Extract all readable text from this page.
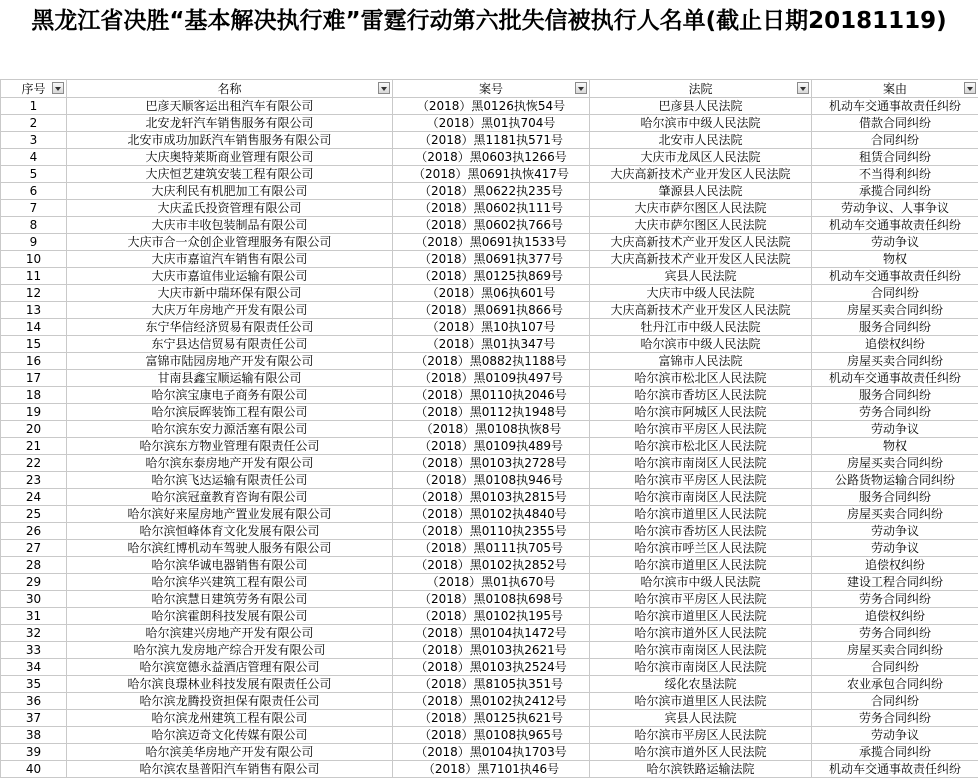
黑龙江省决胜“基本解决执行难”雷霆行动第六批失信被执行人名单(截止日期20181119)
序号	名称	案号	法院	案由

1	巴彦天顺客运出租汽车有限公司	（2018）黑0126执恢54号	巴彦县人民法院	机动车交通事故责任纠纷
2	北安龙轩汽车销售服务有限公司	（2018）黑01执704号	哈尔滨市中级人民法院	借款合同纠纷
3	北安市成功加跃汽车销售服务有限公司	（2018）黑1181执571号	北安市人民法院	合同纠纷
4	大庆奥特莱斯商业管理有限公司	（2018）黑0603执1266号	大庆市龙凤区人民法院	租赁合同纠纷
5	大庆恒艺建筑安装工程有限公司	（2018）黑0691执恢417号	大庆高新技术产业开发区人民法院	不当得利纠纷
6	大庆利民有机肥加工有限公司	（2018）黑0622执235号	肇源县人民法院	承揽合同纠纷
7	大庆孟氏投资管理有限公司	（2018）黑0602执111号	大庆市萨尔图区人民法院	劳动争议、人事争议
8	大庆市丰收包装制品有限公司	（2018）黑0602执766号	大庆市萨尔图区人民法院	机动车交通事故责任纠纷
9	大庆市合一众创企业管理服务有限公司	（2018）黑0691执1533号	大庆高新技术产业开发区人民法院	劳动争议
10	大庆市嘉谊汽车销售有限公司	（2018）黑0691执377号	大庆高新技术产业开发区人民法院	物权
11	大庆市嘉谊伟业运输有限公司	（2018）黑0125执869号	宾县人民法院	机动车交通事故责任纠纷
12	大庆市新中瑞环保有限公司	（2018）黑06执601号	大庆市中级人民法院	合同纠纷
13	大庆万年房地产开发有限公司	（2018）黑0691执866号	大庆高新技术产业开发区人民法院	房屋买卖合同纠纷
14	东宁华信经济贸易有限责任公司	（2018）黑10执107号	牡丹江市中级人民法院	服务合同纠纷
15	东宁县达信贸易有限责任公司	（2018）黑01执347号	哈尔滨市中级人民法院	追偿权纠纷
16	富锦市陆园房地产开发有限公司	（2018）黑0882执1188号	富锦市人民法院	房屋买卖合同纠纷
17	甘南县鑫宝顺运输有限公司	（2018）黑0109执497号	哈尔滨市松北区人民法院	机动车交通事故责任纠纷
18	哈尔滨宝康电子商务有限公司	（2018）黑0110执2046号	哈尔滨市香坊区人民法院	服务合同纠纷
19	哈尔滨辰晖装饰工程有限公司	（2018）黑0112执1948号	哈尔滨市阿城区人民法院	劳务合同纠纷
20	哈尔滨东安力源活塞有限公司	（2018）黑0108执恢8号	哈尔滨市平房区人民法院	劳动争议
21	哈尔滨东方物业管理有限责任公司	（2018）黑0109执489号	哈尔滨市松北区人民法院	物权
22	哈尔滨东泰房地产开发有限公司	（2018）黑0103执2728号	哈尔滨市南岗区人民法院	房屋买卖合同纠纷
23	哈尔滨飞达运输有限责任公司	（2018）黑0108执946号	哈尔滨市平房区人民法院	公路货物运输合同纠纷
24	哈尔滨冠童教育咨询有限公司	（2018）黑0103执2815号	哈尔滨市南岗区人民法院	服务合同纠纷
25	哈尔滨好来屋房地产置业发展有限公司	（2018）黑0102执4840号	哈尔滨市道里区人民法院	房屋买卖合同纠纷
26	哈尔滨恒峰体育文化发展有限公司	（2018）黑0110执2355号	哈尔滨市香坊区人民法院	劳动争议
27	哈尔滨红博机动车驾驶人服务有限公司	（2018）黑0111执705号	哈尔滨市呼兰区人民法院	劳动争议
28	哈尔滨华诚电器销售有限公司	（2018）黑0102执2852号	哈尔滨市道里区人民法院	追偿权纠纷
29	哈尔滨华兴建筑工程有限公司	（2018）黑01执670号	哈尔滨市中级人民法院	建设工程合同纠纷
30	哈尔滨慧日建筑劳务有限公司	（2018）黑0108执698号	哈尔滨市平房区人民法院	劳务合同纠纷
31	哈尔滨霍朗科技发展有限公司	（2018）黑0102执195号	哈尔滨市道里区人民法院	追偿权纠纷
32	哈尔滨建兴房地产开发有限公司	（2018）黑0104执1472号	哈尔滨市道外区人民法院	劳务合同纠纷
33	哈尔滨九发房地产综合开发有限公司	（2018）黑0103执2621号	哈尔滨市南岗区人民法院	房屋买卖合同纠纷
34	哈尔滨宽德永益酒店管理有限公司	（2018）黑0103执2524号	哈尔滨市南岗区人民法院	合同纠纷
35	哈尔滨良璟林业科技发展有限责任公司	（2018）黑8105执351号	绥化农垦法院	农业承包合同纠纷
36	哈尔滨龙腾投资担保有限责任公司	（2018）黑0102执2412号	哈尔滨市道里区人民法院	合同纠纷
37	哈尔滨龙州建筑工程有限公司	（2018）黑0125执621号	宾县人民法院	劳务合同纠纷
38	哈尔滨迈奇文化传媒有限公司	（2018）黑0108执965号	哈尔滨市平房区人民法院	劳动争议
39	哈尔滨美华房地产开发有限公司	（2018）黑0104执1703号	哈尔滨市道外区人民法院	承揽合同纠纷
40	哈尔滨农垦普阳汽车销售有限公司	（2018）黑7101执46号	哈尔滨铁路运输法院	机动车交通事故责任纠纷
